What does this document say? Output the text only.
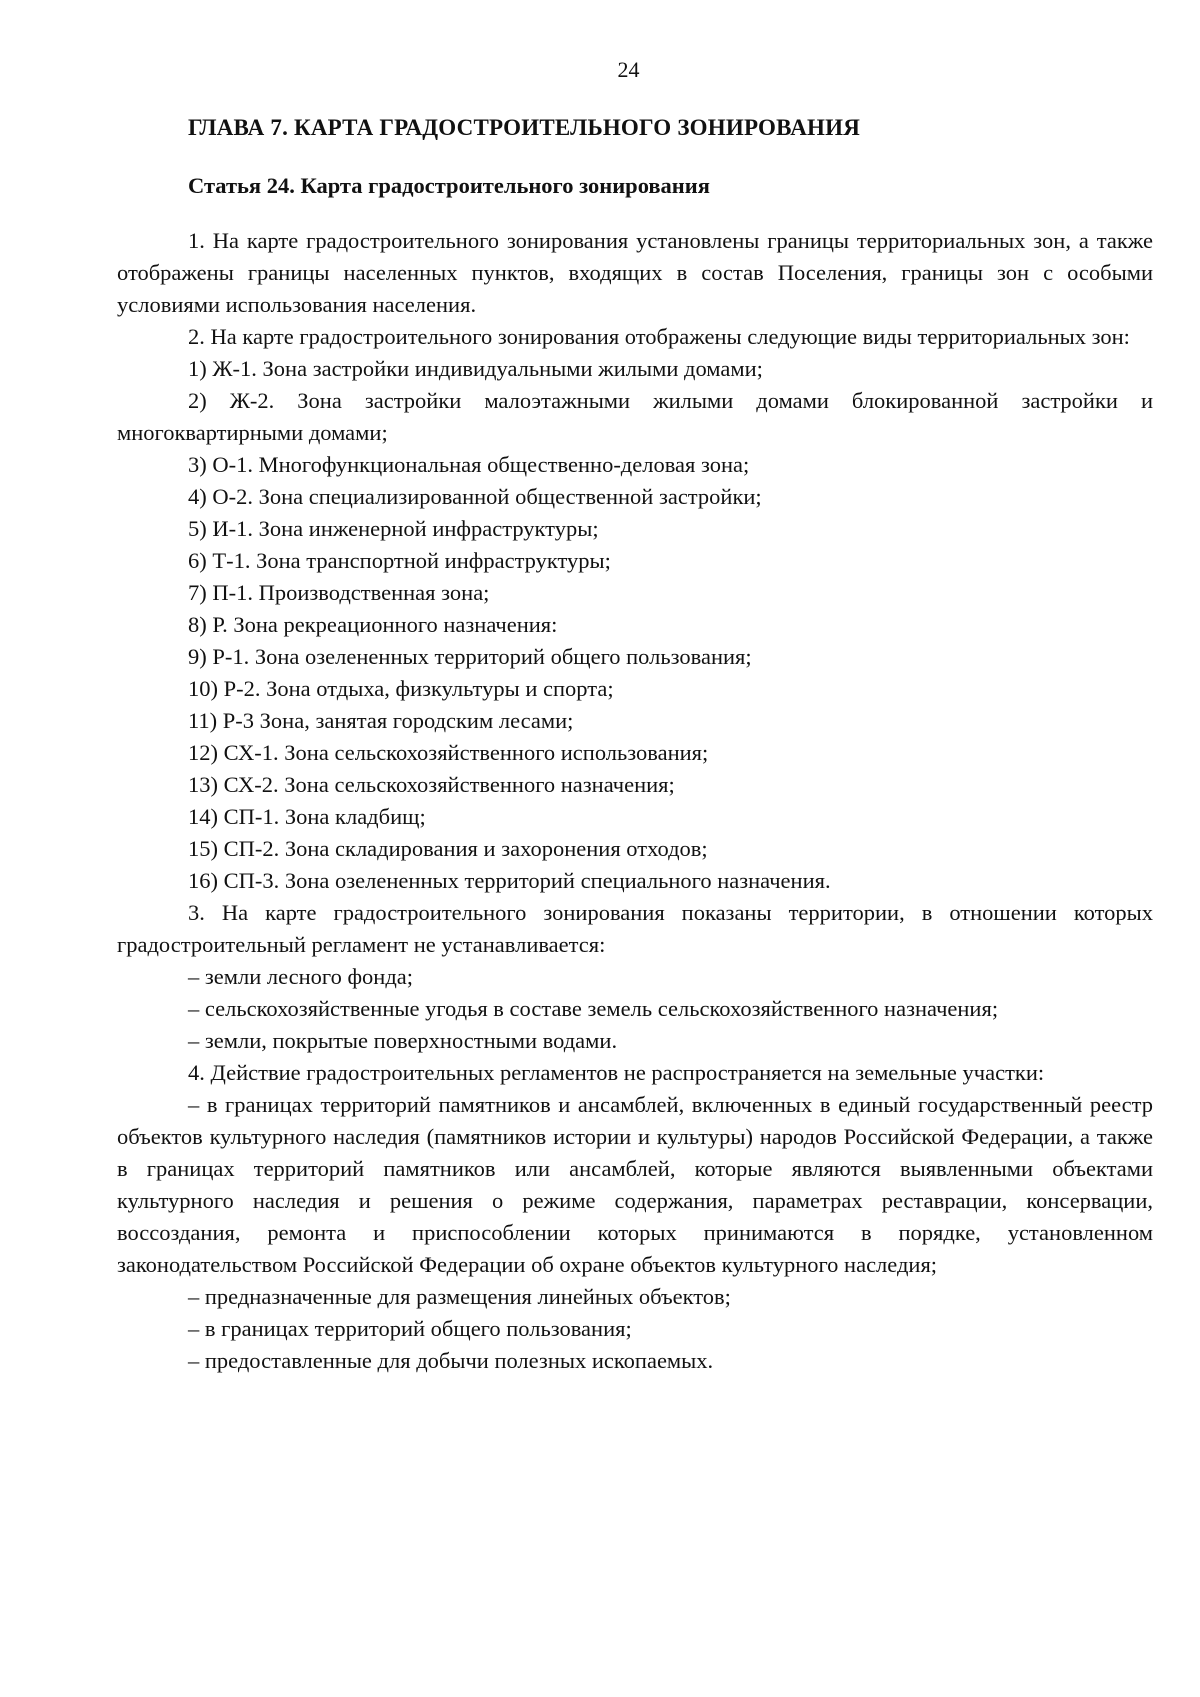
24
ГЛАВА 7. КАРТА ГРАДОСТРОИТЕЛЬНОГО ЗОНИРОВАНИЯ
Статья 24. Карта градостроительного зонирования

1. На карте градостроительного зонирования установлены границы территориальных зон, а также отображены границы населенных пунктов, входящих в состав Поселения, границы зон с особыми условиями использования населения.

2. На карте градостроительного зонирования отображены следующие виды территориальных зон:

1) Ж-1. Зона застройки индивидуальными жилыми домами;

2) Ж-2. Зона застройки малоэтажными жилыми домами блокированной застройки и многоквартирными домами;

3) О-1. Многофункциональная общественно-деловая зона;

4) О-2. Зона специализированной общественной застройки;

5) И-1. Зона инженерной инфраструктуры;

6) Т-1. Зона транспортной инфраструктуры;

7) П-1. Производственная зона;

8) Р. Зона рекреационного назначения:

9) Р-1. Зона озелененных территорий общего пользования;

10) Р-2. Зона отдыха, физкультуры и спорта;

11) Р-3 Зона, занятая городским лесами;

12) СХ-1. Зона сельскохозяйственного использования;

13) СХ-2. Зона сельскохозяйственного назначения;

14) СП-1. Зона кладбищ;

15) СП-2. Зона складирования и захоронения отходов;

16) СП-3. Зона озелененных территорий специального назначения.

3. На карте градостроительного зонирования показаны территории, в отношении которых градостроительный регламент не устанавливается:

– земли лесного фонда;

– сельскохозяйственные угодья в составе земель сельскохозяйственного назначения;

– земли, покрытые поверхностными водами.

4. Действие градостроительных регламентов не распространяется на земельные участки:

– в границах территорий памятников и ансамблей, включенных в единый государственный реестр объектов культурного наследия (памятников истории и культуры) народов Российской Федерации, а также в границах территорий памятников или ансамблей, которые являются выявленными объектами культурного наследия и решения о режиме содержания, параметрах реставрации, консервации, воссоздания, ремонта и приспособлении которых принимаются в порядке, установленном законодательством Российской Федерации об охране объектов культурного наследия;

– предназначенные для размещения линейных объектов;

– в границах территорий общего пользования;

– предоставленные для добычи полезных ископаемых.
